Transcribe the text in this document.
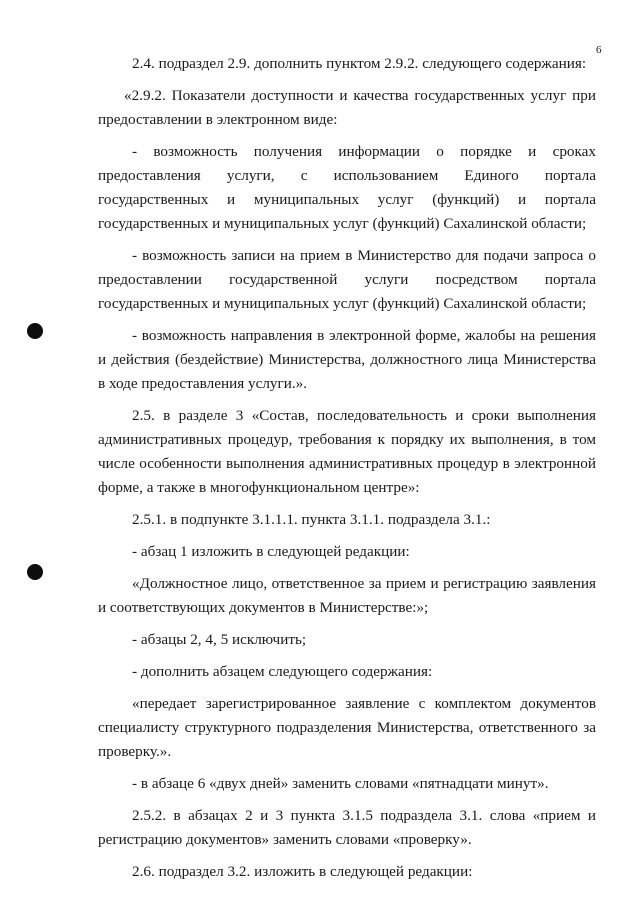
6

2.4. подраздел 2.9. дополнить пунктом 2.9.2. следующего содержания:

«2.9.2. Показатели доступности и качества государственных услуг при предоставлении в электронном виде:

- возможность получения информации о порядке и сроках предоставления услуги, с использованием Единого портала государственных и муниципальных услуг (функций) и портала государственных и муниципальных услуг (функций) Сахалинской области;

- возможность записи на прием в Министерство для подачи запроса о предоставлении государственной услуги посредством портала государственных и муниципальных услуг (функций) Сахалинской области;

- возможность направления в электронной форме, жалобы на решения и действия (бездействие) Министерства, должностного лица Министерства в ходе предоставления услуги.».

2.5. в разделе 3 «Состав, последовательность и сроки выполнения административных процедур, требования к порядку их выполнения, в том числе особенности выполнения административных процедур в электронной форме, а также в многофункциональном центре»:

2.5.1. в подпункте 3.1.1.1. пункта 3.1.1. подраздела 3.1.:

- абзац 1 изложить в следующей редакции:

«Должностное лицо, ответственное за прием и регистрацию заявления и соответствующих документов в Министерстве:»;

- абзацы 2, 4, 5 исключить;

- дополнить абзацем следующего содержания:

«передает зарегистрированное заявление с комплектом документов специалисту структурного подразделения Министерства, ответственного за проверку.».

- в абзаце 6 «двух дней» заменить словами «пятнадцати минут».

2.5.2. в абзацах 2 и 3 пункта 3.1.5 подраздела 3.1. слова «прием и регистрацию документов» заменить словами «проверку».

2.6. подраздел 3.2. изложить в следующей редакции:
